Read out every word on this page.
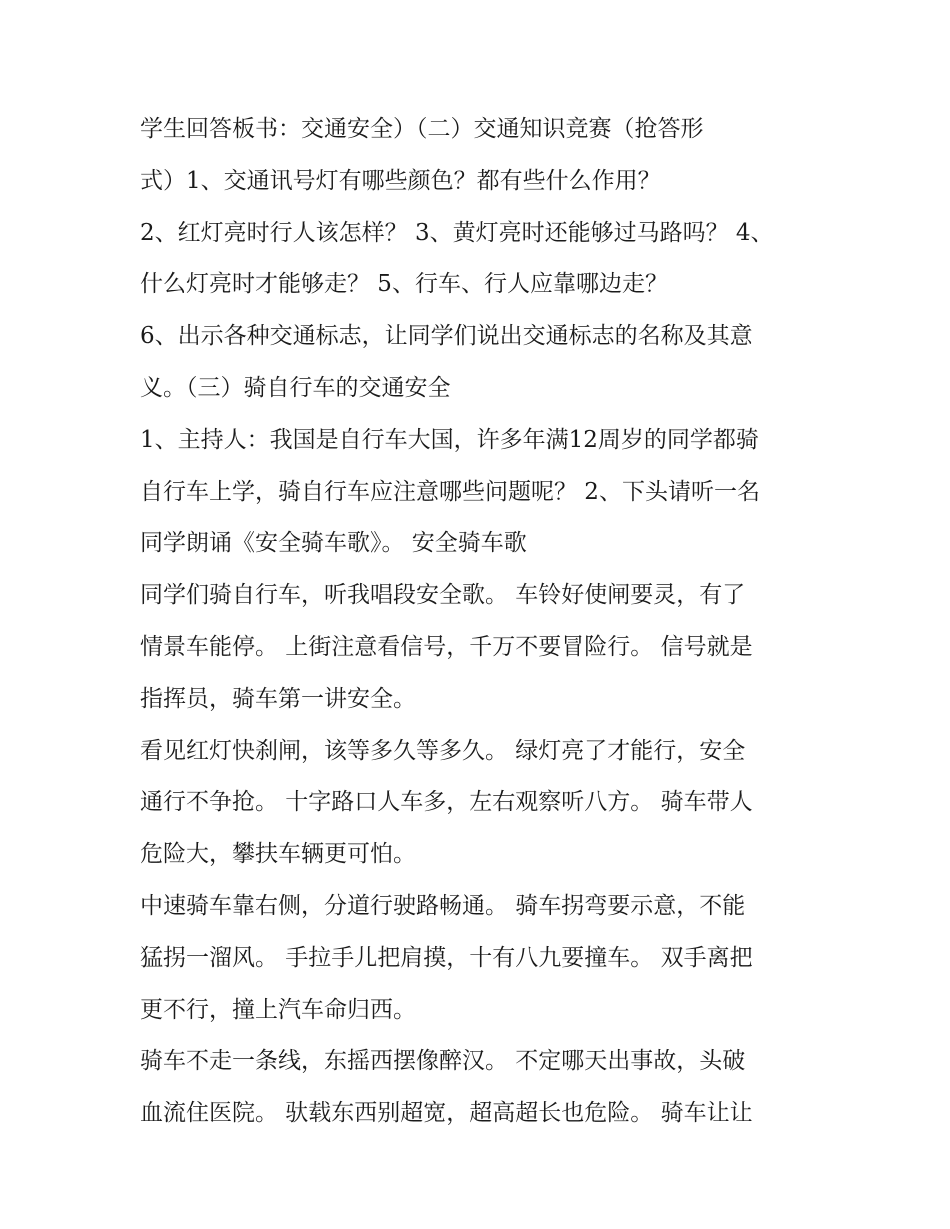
学生回答板书：交通安全）（二）交通知识竞赛（抢答形
式）1、交通讯号灯有哪些颜色？都有些什么作用？
2、红灯亮时行人该怎样？ 3、黄灯亮时还能够过马路吗？ 4、
什么灯亮时才能够走？ 5、行车、行人应靠哪边走？
6、出示各种交通标志，让同学们说出交通标志的名称及其意
义。（三）骑自行车的交通安全
1、主持人：我国是自行车大国，许多年满12周岁的同学都骑
自行车上学，骑自行车应注意哪些问题呢？ 2、下头请听一名
同学朗诵《安全骑车歌》。 安全骑车歌
同学们骑自行车，听我唱段安全歌。 车铃好使闸要灵，有了
情景车能停。 上街注意看信号，千万不要冒险行。 信号就是
指挥员，骑车第一讲安全。
看见红灯快刹闸，该等多久等多久。 绿灯亮了才能行，安全
通行不争抢。 十字路口人车多，左右观察听八方。 骑车带人
危险大，攀扶车辆更可怕。
中速骑车靠右侧，分道行驶路畅通。 骑车拐弯要示意，不能
猛拐一溜风。 手拉手儿把肩摸，十有八九要撞车。 双手离把
更不行，撞上汽车命归西。
骑车不走一条线，东摇西摆像醉汉。 不定哪天出事故，头破
血流住医院。 驮载东西别超宽，超高超长也危险。 骑车让让
